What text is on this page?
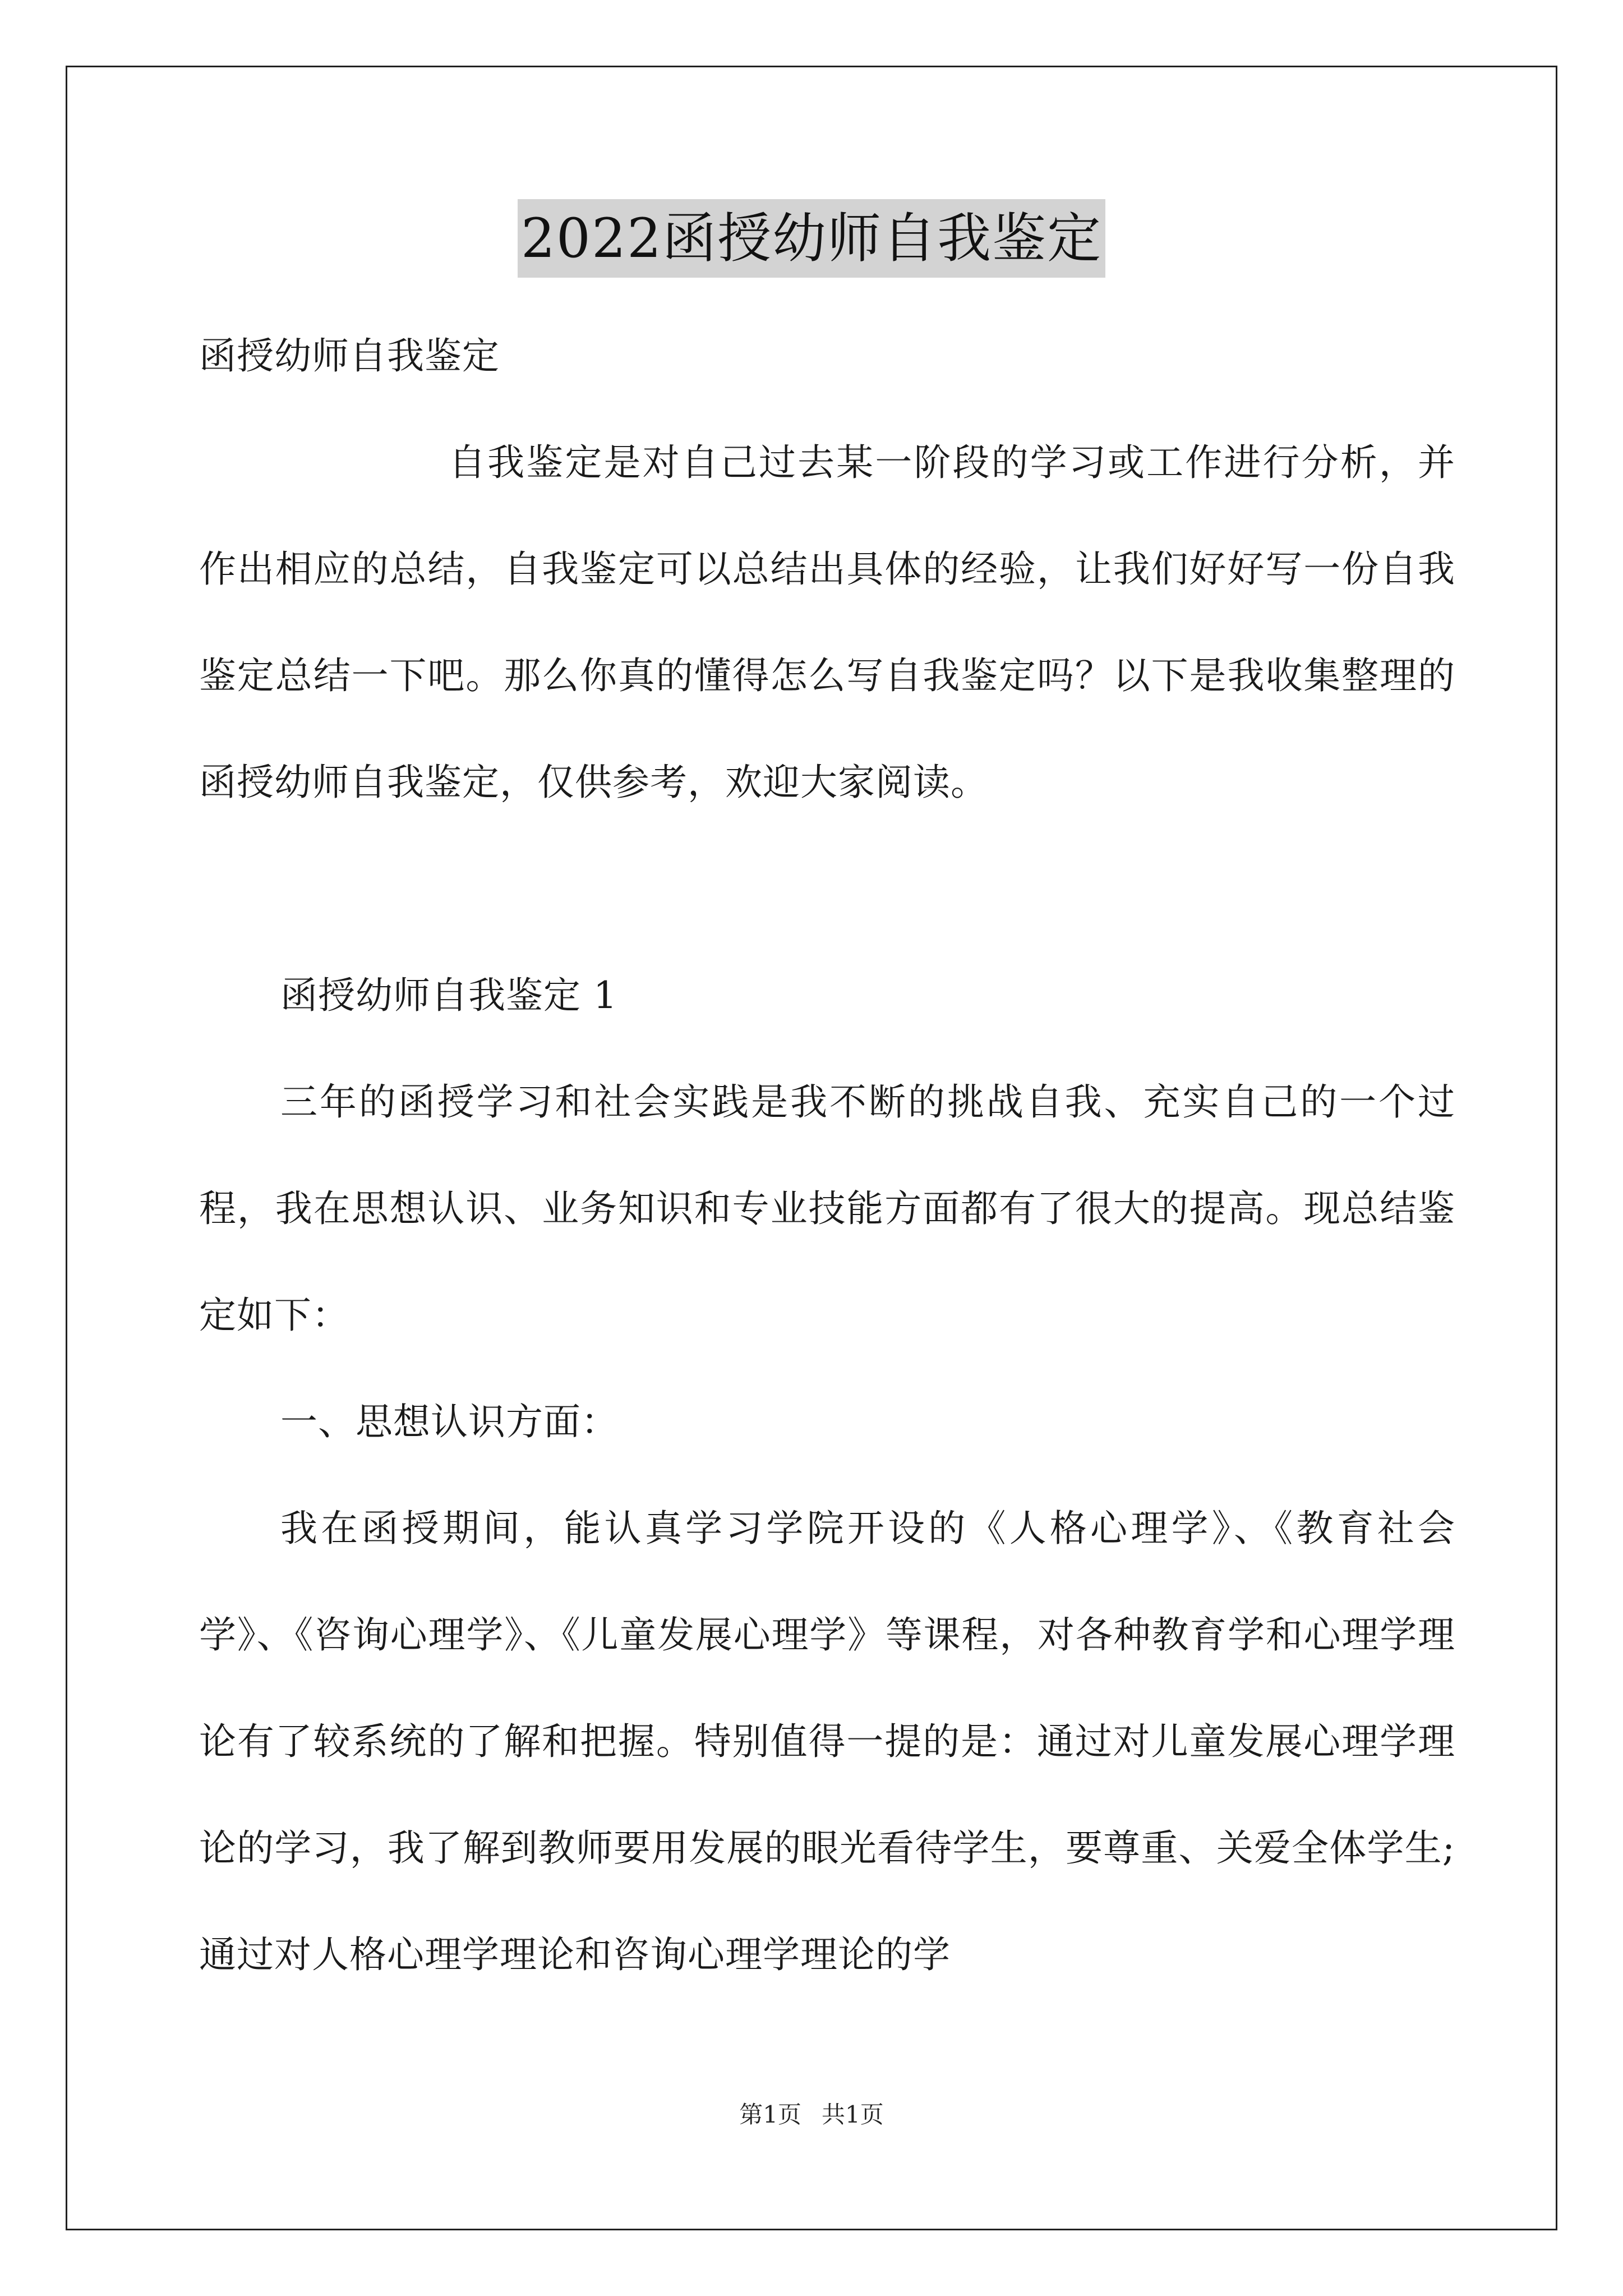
2022函授幼师自我鉴定

函授幼师自我鉴定

自我鉴定是对自己过去某一阶段的学习或工作进行分析，并作出相应的总结，自我鉴定可以总结出具体的经验，让我们好好写一份自我鉴定总结一下吧。那么你真的懂得怎么写自我鉴定吗？以下是我收集整理的函授幼师自我鉴定，仅供参考，欢迎大家阅读。

函授幼师自我鉴定 1

三年的函授学习和社会实践是我不断的挑战自我、充实自己的一个过程，我在思想认识、业务知识和专业技能方面都有了很大的提高。现总结鉴定如下：

一、思想认识方面：

我在函授期间，能认真学习学院开设的《人格心理学》、《教育社会学》、《咨询心理学》、《儿童发展心理学》等课程，对各种教育学和心理学理论有了较系统的了解和把握。特别值得一提的是：通过对儿童发展心理学理论的学习，我了解到教师要用发展的眼光看待学生，要尊重、关爱全体学生;通过对人格心理学理论和咨询心理学理论的学

第1页 共1页
